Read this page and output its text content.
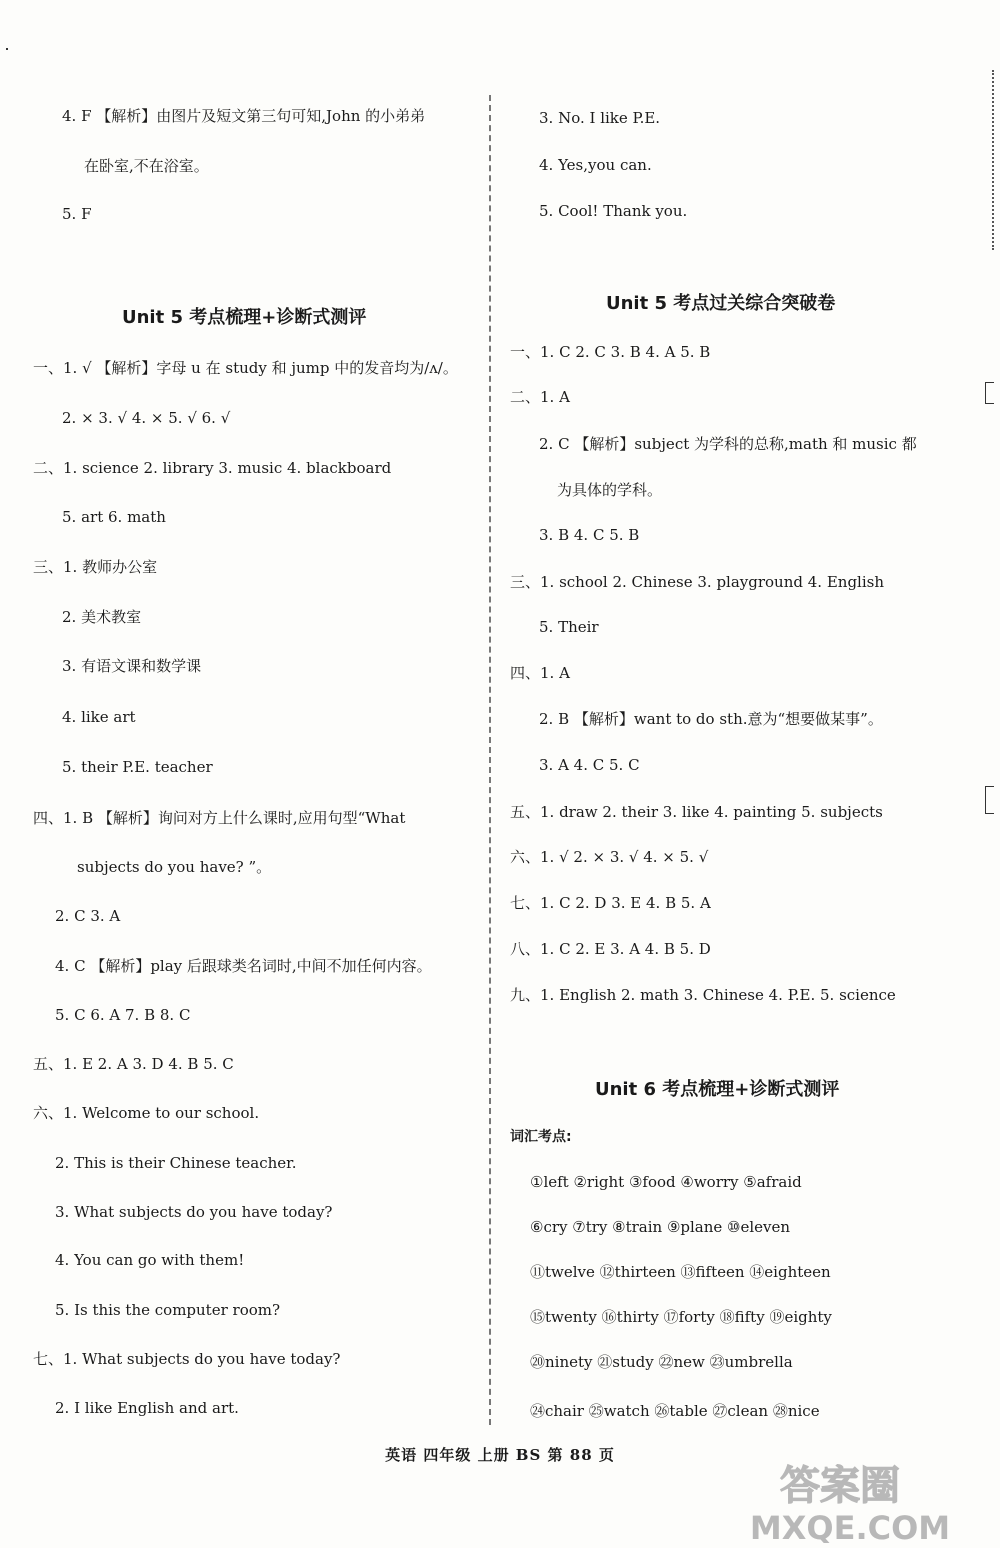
4. F 【解析】由图片及短文第三句可知,John 的小弟弟
在卧室,不在浴室。
5. F
Unit 5 考点梳理+诊断式测评
一、1. √ 【解析】字母 u 在 study 和 jump 中的发音均为/ʌ/。
2. × 3. √ 4. × 5. √ 6. √
二、1. science 2. library 3. music 4. blackboard
5. art 6. math
三、1. 教师办公室
2. 美术教室
3. 有语文课和数学课
4. like art
5. their P.E. teacher
四、1. B 【解析】询问对方上什么课时,应用句型“What
subjects do you have? ”。
2. C 3. A
4. C 【解析】play 后跟球类名词时,中间不加任何内容。
5. C 6. A 7. B 8. C
五、1. E 2. A 3. D 4. B 5. C
六、1. Welcome to our school.
2. This is their Chinese teacher.
3. What subjects do you have today?
4. You can go with them!
5. Is this the computer room?
七、1. What subjects do you have today?
2. I like English and art.
3. No. I like P.E.
4. Yes,you can.
5. Cool! Thank you.
Unit 5 考点过关综合突破卷
一、1. C 2. C 3. B 4. A 5. B
二、1. A
2. C 【解析】subject 为学科的总称,math 和 music 都
为具体的学科。
3. B 4. C 5. B
三、1. school 2. Chinese 3. playground 4. English
5. Their
四、1. A
2. B 【解析】want to do sth.意为“想要做某事”。
3. A 4. C 5. C
五、1. draw 2. their 3. like 4. painting 5. subjects
六、1. √ 2. × 3. √ 4. × 5. √
七、1. C 2. D 3. E 4. B 5. A
八、1. C 2. E 3. A 4. B 5. D
九、1. English 2. math 3. Chinese 4. P.E. 5. science
Unit 6 考点梳理+诊断式测评
词汇考点:
①left ②right ③food ④worry ⑤afraid
⑥cry ⑦try ⑧train ⑨plane ⑩eleven
⑪twelve ⑫thirteen ⑬fifteen ⑭eighteen
⑮twenty ⑯thirty ⑰forty ⑱fifty ⑲eighty
⑳ninety ㉑study ㉒new ㉓umbrella
㉔chair ㉕watch ㉖table ㉗clean ㉘nice
英语 四年级 上册 BS 第 88 页
答案圈
MXQE.COM
